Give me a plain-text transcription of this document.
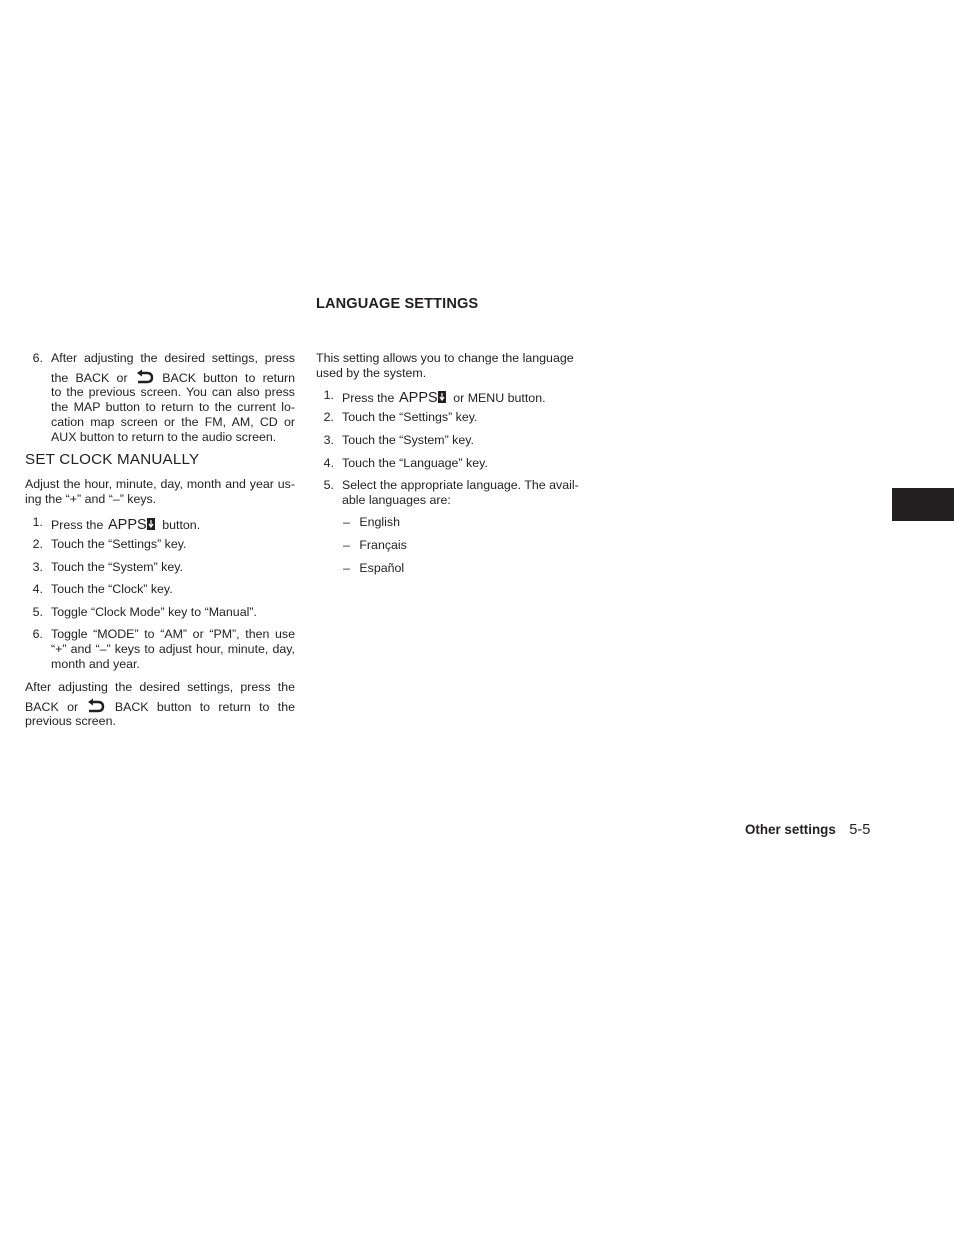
LANGUAGE SETTINGS
This setting allows you to change the language
used by the system.
1. Press the APPS or MENU button.
2. Touch the “Settings” key.
3. Touch the “System” key.
4. Touch the “Language” key.
5. Select the appropriate language. The avail-
able languages are:
– English
– Français
– Español
6. After adjusting the desired settings, press
the BACK or	BACK button to return
to the previous screen. You can also press
the MAP button to return to the current lo-
cation map screen or the FM, AM, CD or
AUX button to return to the audio screen.
SET CLOCK MANUALLY
Adjust the hour, minute, day, month and year us-
ing the “+” and “–” keys.
1. Press the APPS button.
2. Touch the “Settings” key.
3. Touch the “System” key.
4. Touch the “Clock” key.
5. Toggle “Clock Mode” key to “Manual”.
6. Toggle “MODE” to “AM” or “PM”, then use
“+” and “–” keys to adjust hour, minute, day,
month and year.
After adjusting the desired settings, press the
BACK or	BACK button to return to the
previous screen.
Other settings 5-5
